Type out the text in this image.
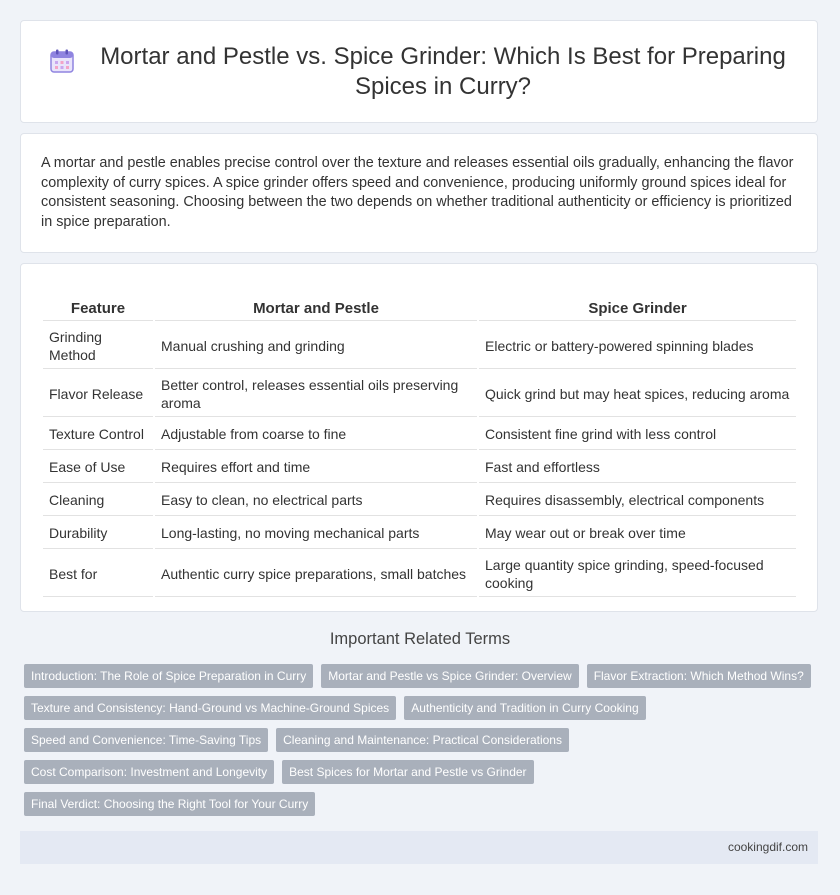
Mortar and Pestle vs. Spice Grinder: Which Is Best for Preparing Spices in Curry?

A mortar and pestle enables precise control over the texture and releases essential oils gradually, enhancing the flavor complexity of curry spices. A spice grinder offers speed and convenience, producing uniformly ground spices ideal for consistent seasoning. Choosing between the two depends on whether traditional authenticity or efficiency is prioritized in spice preparation.

Feature	Mortar and Pestle	Spice Grinder
Grinding Method	Manual crushing and grinding	Electric or battery-powered spinning blades
Flavor Release	Better control, releases essential oils preserving aroma	Quick grind but may heat spices, reducing aroma
Texture Control	Adjustable from coarse to fine	Consistent fine grind with less control
Ease of Use	Requires effort and time	Fast and effortless
Cleaning	Easy to clean, no electrical parts	Requires disassembly, electrical components
Durability	Long-lasting, no moving mechanical parts	May wear out or break over time
Best for	Authentic curry spice preparations, small batches	Large quantity spice grinding, speed-focused cooking
Important Related Terms
Introduction: The Role of Spice Preparation in Curry	Mortar and Pestle vs Spice Grinder: Overview	Flavor Extraction: Which Method Wins?
Texture and Consistency: Hand-Ground vs Machine-Ground Spices	Authenticity and Tradition in Curry Cooking
Speed and Convenience: Time-Saving Tips	Cleaning and Maintenance: Practical Considerations
Cost Comparison: Investment and Longevity	Best Spices for Mortar and Pestle vs Grinder
Final Verdict: Choosing the Right Tool for Your Curry
cookingdif.com
